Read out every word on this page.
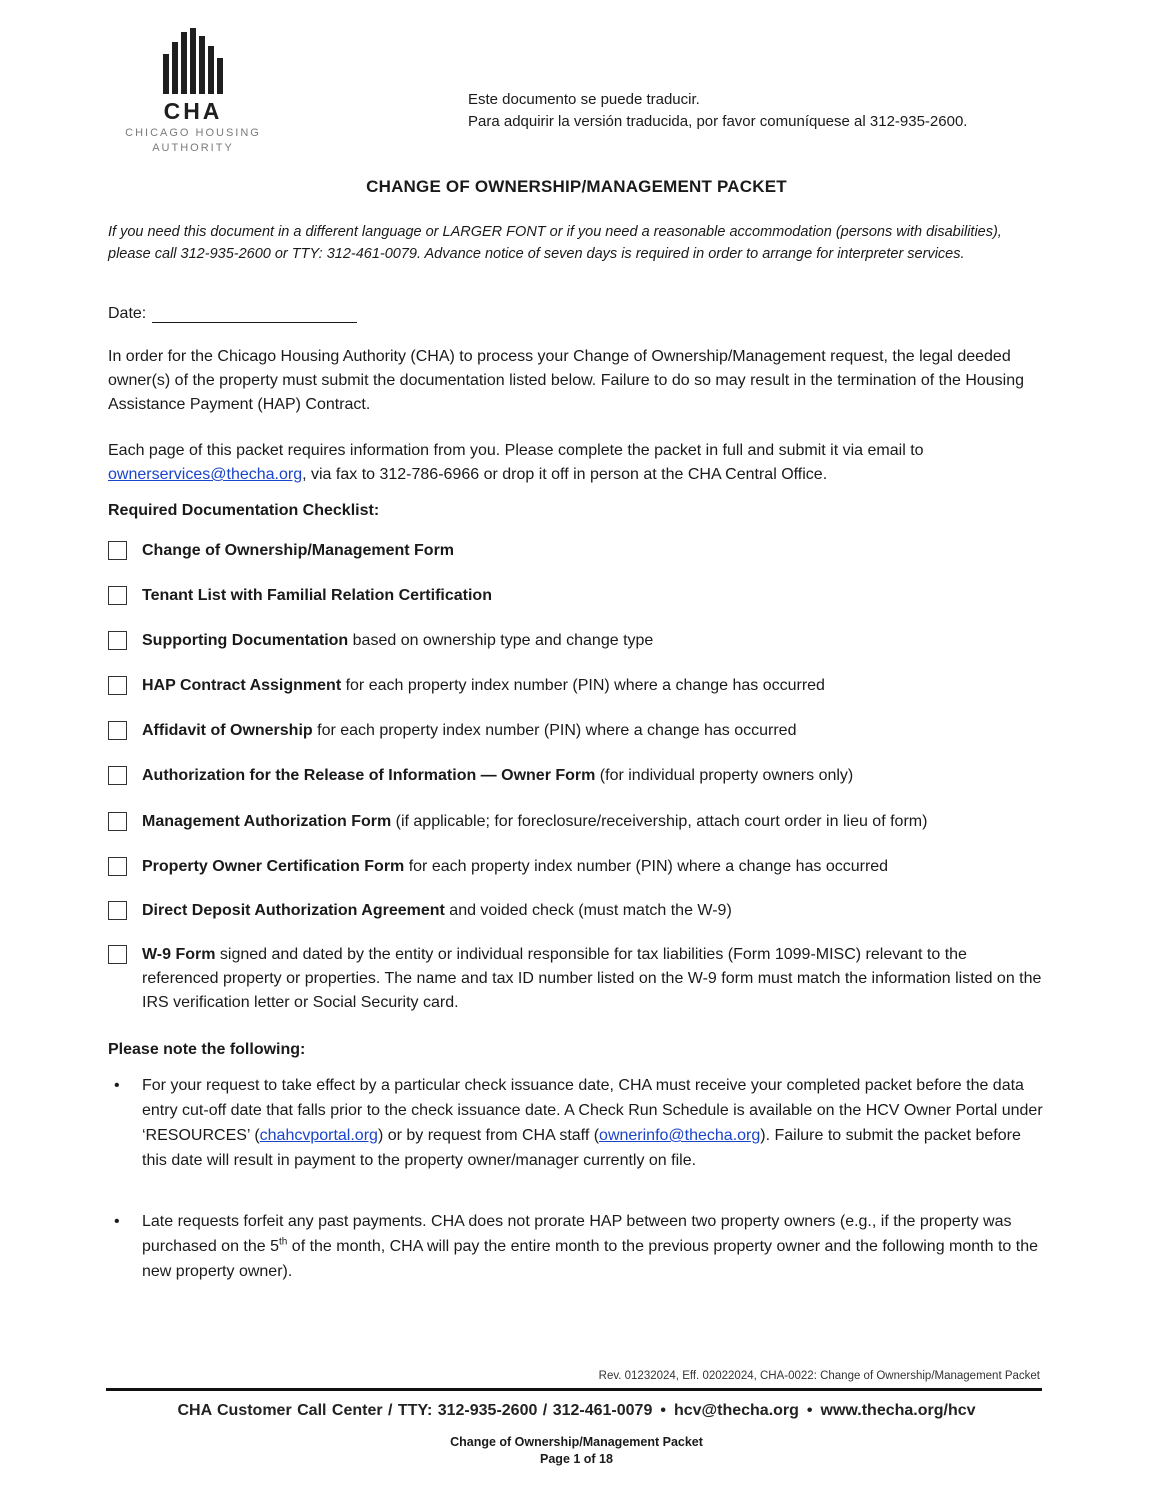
CHA
CHICAGO HOUSING
AUTHORITY
Este documento se puede traducir.
Para adquirir la versión traducida, por favor comuníquese al 312-935-2600.
CHANGE OF OWNERSHIP/MANAGEMENT PACKET
If you need this document in a different language or LARGER FONT or if you need a reasonable accommodation (persons with disabilities), please call 312-935-2600 or TTY: 312-461-0079. Advance notice of seven days is required in order to arrange for interpreter services.
Date:
In order for the Chicago Housing Authority (CHA) to process your Change of Ownership/Management request, the legal deeded owner(s) of the property must submit the documentation listed below. Failure to do so may result in the termination of the Housing Assistance Payment (HAP) Contract.
Each page of this packet requires information from you. Please complete the packet in full and submit it via email to ownerservices@thecha.org, via fax to 312-786-6966 or drop it off in person at the CHA Central Office.
Required Documentation Checklist:
Change of Ownership/Management Form
Tenant List with Familial Relation Certification
Supporting Documentation based on ownership type and change type
HAP Contract Assignment for each property index number (PIN) where a change has occurred
Affidavit of Ownership for each property index number (PIN) where a change has occurred
Authorization for the Release of Information — Owner Form (for individual property owners only)
Management Authorization Form (if applicable; for foreclosure/receivership, attach court order in lieu of form)
Property Owner Certification Form for each property index number (PIN) where a change has occurred
Direct Deposit Authorization Agreement and voided check (must match the W-9)
W-9 Form signed and dated by the entity or individual responsible for tax liabilities (Form 1099-MISC) relevant to the referenced property or properties. The name and tax ID number listed on the W-9 form must match the information listed on the IRS verification letter or Social Security card.
Please note the following:
•	For your request to take effect by a particular check issuance date, CHA must receive your completed packet before the data entry cut-off date that falls prior to the check issuance date. A Check Run Schedule is available on the HCV Owner Portal under ‘RESOURCES’ (chahcvportal.org) or by request from CHA staff (ownerinfo@thecha.org). Failure to submit the packet before this date will result in payment to the property owner/manager currently on file.
•	Late requests forfeit any past payments. CHA does not prorate HAP between two property owners (e.g., if the property was purchased on the 5th of the month, CHA will pay the entire month to the previous property owner and the following month to the new property owner).
Rev. 01232024, Eff. 02022024, CHA-0022: Change of Ownership/Management Packet
CHA Customer Call Center / TTY: 312-935-2600 / 312-461-0079 • hcv@thecha.org • www.thecha.org/hcv
Change of Ownership/Management Packet
Page 1 of 18
